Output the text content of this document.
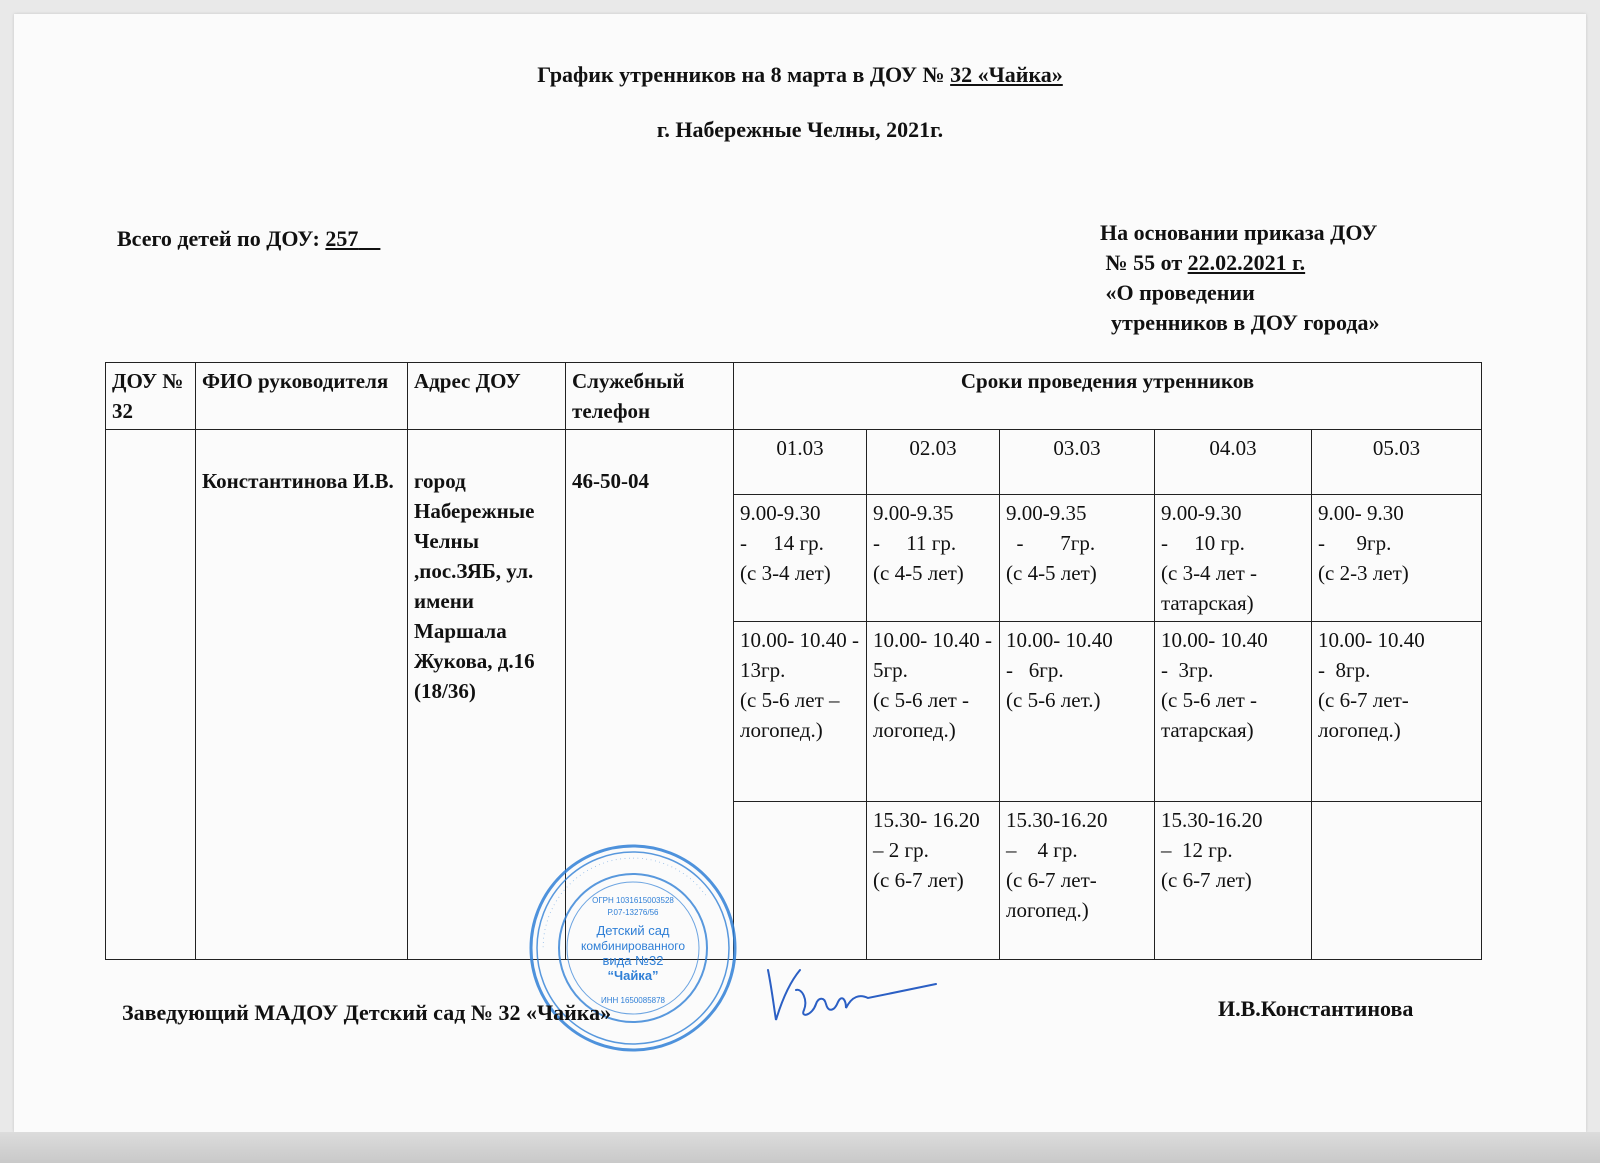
График утренников на 8 марта в ДОУ № 32 «Чайка»
г. Набережные Челны, 2021г.
Всего детей по ДОУ: 257	На основании приказа ДОУ
№ 55 от 22.02.2021 г.
«О проведении
утренников в ДОУ города»
ДОУ № 32	ФИО руководителя	Адрес ДОУ	Служебный телефон	Сроки проведения утренников				
	Константинова И.В.	город Набережные Челны ,пос.ЗЯБ, ул. имени Маршала Жукова, д.16 (18/36)	46-50-04	01.03	02.03	03.03	04.03	05.03
				9.00-9.30
-     14 гр.
(с 3-4 лет)	9.00-9.35
-     11 гр.
(с 4-5 лет)	9.00-9.35
-       7гр.
(с 4-5 лет)	9.00-9.30
-     10 гр.
(с 3-4 лет - татарская)	9.00- 9.30
-      9гр.
(с 2-3 лет)
				10.00- 10.40 - 13гр.
(с 5-6 лет – логопед.)	10.00- 10.40 - 5гр.
(с 5-6 лет - логопед.)	10.00- 10.40
-   6гр.
(с 5-6 лет.)	10.00- 10.40
-  3гр.
(с 5-6 лет - татарская)	10.00- 10.40
-  8гр.
(с 6-7 лет- логопед.)
					15.30- 16.20 – 2 гр.
(с 6-7 лет)	15.30-16.20
–    4 гр.
(с 6-7 лет- логопед.)	15.30-16.20
–  12 гр.
(с 6-7 лет)	
· · · · · · · · · · · · · · · · · · · · · · · · · · · · · · · · · · · · · · · · · · · · · · · · · · · ·
ОГРН 1031615003528
Р.07-13276/56
Детский сад
комбинированного
вида №32
“Чайка”
ИНН 1650085878
Заведующий МАДОУ Детский сад № 32 «Чайка»	И.В.Константинова
